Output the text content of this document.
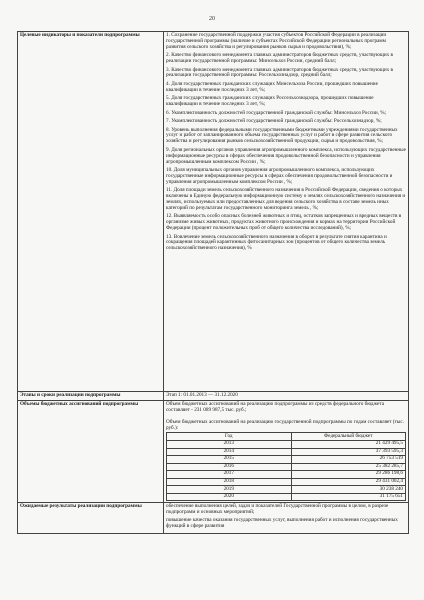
20
Целевые индикаторы и показатели подпрограммы	1. Сохранение государственной поддержки участия субъектов Российской Федерации в реализации государственной программы (наличие и субъектах Российской Федерации региональных программ развития сельского хозяйства и регулирования рынков сырья и продовольствия), %;

2. Качество финансового менеджмента главных администраторов бюджетных средств, участвующих в реализации государственной программы: Минсельхоз России, средний балл;

3. Качество финансового менеджмента главных администраторов бюджетных средств, участвующих в реализации государственной программы: Россельхознадзор, средний балл;

4. Доля государственных гражданских служащих Минсельхоза России, прошедших повышение квалификации в течение последних 3 лет, %;

5. Доля государственных гражданских служащих Россельхознадзора, прошедших повышение квалификации в течение последних 3 лет, %;

6. Укомплектованность должностей государственной гражданской службы: Минсельхоз России, %;

7. Укомплектованность должностей государственной гражданской службы: Россельхознадзор, %;

8. Уровень выполнения федеральными государственными бюджетными учреждениями государственных услуг и работ от запланированного объема государственных услуг и работ в сфере развития сельского хозяйства и регулирования рынков сельскохозяйственной продукции, сырья и продовольствия, %;

9. Доля региональных органов управления агропромышленного комплекса, использующих государственные информационные ресурсы в сферах обеспечения продовольственной безопасности и управления агропромышленным комплексом России , %;

10. Доля муниципальных органов управления агропромышленного комплекса, использующих государственные информационные ресурсы в сферах обеспечения продовольственной безопасности и управления агропромышленным комплексом России , %;

11. Доля площади земель сельскохозяйственного назначения в Российской Федерации, сведения о которых включены в Единую федеральную информационную систему о землях сельскохозяйственного назначения и землях, используемых или предоставленных для ведения сельского хозяйства в составе земель иных категорий по результатам государственного мониторинга земель , %;

12. Выявляемость особо опасных болезней животных и птиц, остатков запрещенных и вредных веществ в организме живых животных, продуктах животного происхождения и кормах на территории Российской Федерации (процент положительных проб от общего количества исследований), %;

13. Вовлечение земель сельскохозяйственного назначения в оборот в результате снятия карантина и сокращения площадей карантинных фитосанитарных зон (процентов от общего количества земель сельскохозяйственного назначения), %

Этапы и сроки реализации подпрограммы	Этап 1: 01.01.2013 — 31.12.2020
Объемы бюджетных ассигнований подпрограммы	Объем бюджетных ассигнований на реализацию подпрограммы из средств федерального бюджета составляет - 231 089 987,5 тыс. руб.;

Объем бюджетных ассигнований на реализацию государственной подпрограммы по годам составляет (тыс. руб.):

Год	Федеральный бюджет
2013	21 429 495,5
2014	37 393 595,3
2015	26 753 519
2016	25 382 285,7
2017	29 286 198,6
2018	29 431 002,4
2019	30 238 240
2020	31 175 651

Ожидаемые результаты реализации подпрограммы	обеспечение выполнения целей, задач и показателей Государственной программы в целом, в разрезе подпрограмм и основных мероприятий;

повышение качества оказания государственных услуг, выполнения работ и исполнения государственных функций в сфере развития
